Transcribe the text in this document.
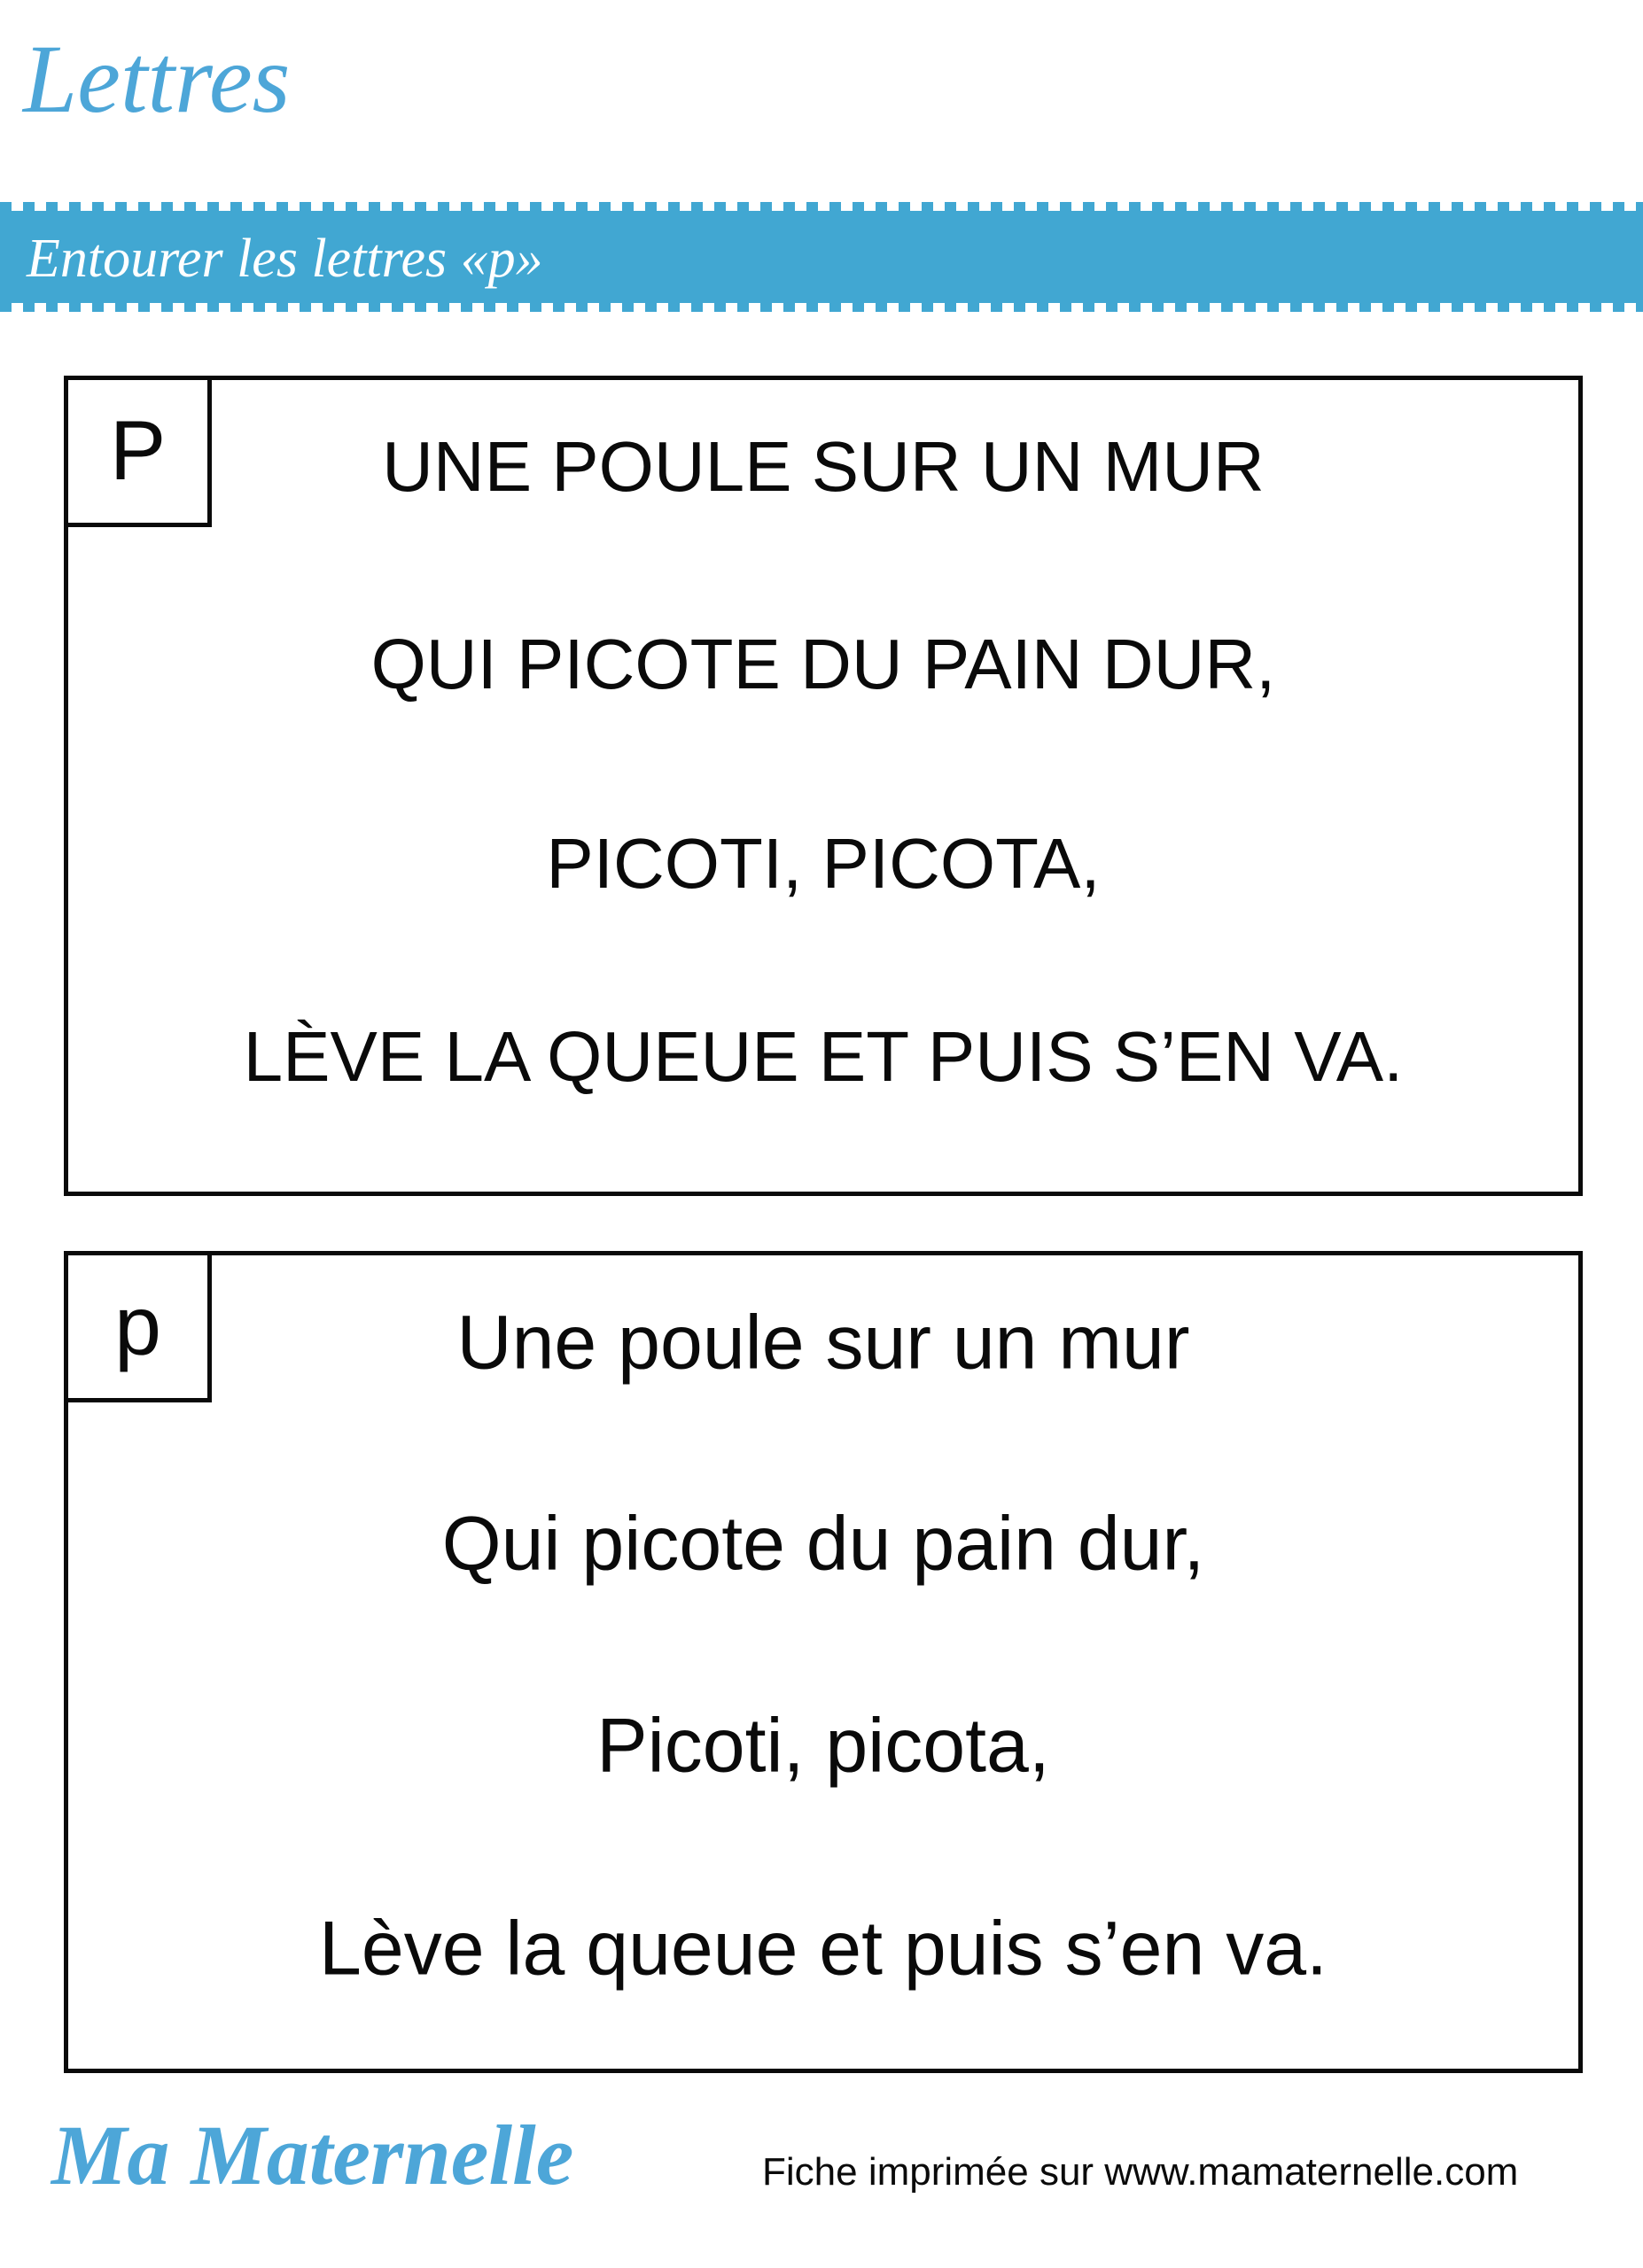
Lettres
Entourer les lettres «p»
P	UNE POULE SUR UN MUR

QUI PICOTE DU PAIN DUR,

PICOTI, PICOTA,

LÈVE LA QUEUE ET PUIS S’EN VA.

p	Une poule sur un mur

Qui picote du pain dur,

Picoti, picota,

Lève la queue et puis s’en va.

Ma Maternelle	Fiche imprimée sur www.mamaternelle.com
